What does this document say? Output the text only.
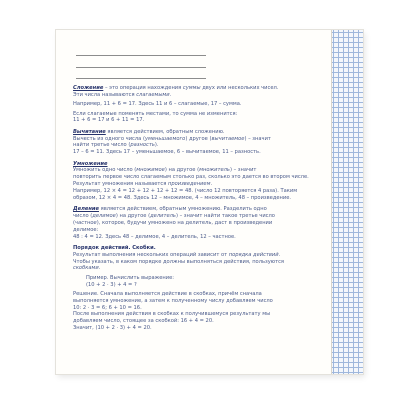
Сложение – это операция нахождения суммы двух или нескольких чисел.

Эти числа называются слагаемыми.

Например, 11 + 6 = 17. Здесь 11 и 6 – слагаемые, 17 – сумма.

Если слагаемые поменять местами, то сумма не изменится:

11 + 6 = 17 и 6 + 11 = 17.

Вычитание является действием, обратным сложению.

Вычесть из одного числа (уменьшаемого) другое (вычитаемое) – значит

найти третье число (разность).

17 – 6 = 11. Здесь 17 – уменьшаемое, 6 – вычитаемое, 11 – разность.

Умножение

Умножить одно число (множимое) на другое (множитель) – значит

повторить первое число слагаемым столько раз, сколько это дается во втором числе.

Результат умножения называется произведением.

Например, 12 × 4 = 12 + 12 + 12 + 12 = 48. (число 12 повторяется 4 раза). Таким

образом, 12 × 4 = 48. Здесь 12 – множимое, 4 – множитель, 48 – произведение.

Деление является действием, обратным умножению. Разделить одно

число (делимое) на другое (делитель) – значит найти такое третье число

(частное), которое, будучи умножено на делитель, даст в произведении

делимое:

48 : 4 = 12. Здесь 48 – делимое, 4 – делитель, 12 – частное.

Порядок действий. Скобки.

Результат выполнения нескольких операций зависит от порядка действий.

Чтобы указать, в каком порядке должны выполняться действия, пользуются

скобками.

Пример. Вычислить выражение:

(10 + 2 · 3) + 4 = ?

Решение. Сначала выполняется действие в скобках, причём сначала

выполняется умножение, а затем к полученному числу добавляем число

10: 2 · 3 = 6; 6 + 10 = 16.

После выполнения действия в скобках к получившемуся результату мы

добавляем число, стоящее за скобкой: 16 + 4 = 20.

Значит, (10 + 2 · 3) + 4 = 20.
